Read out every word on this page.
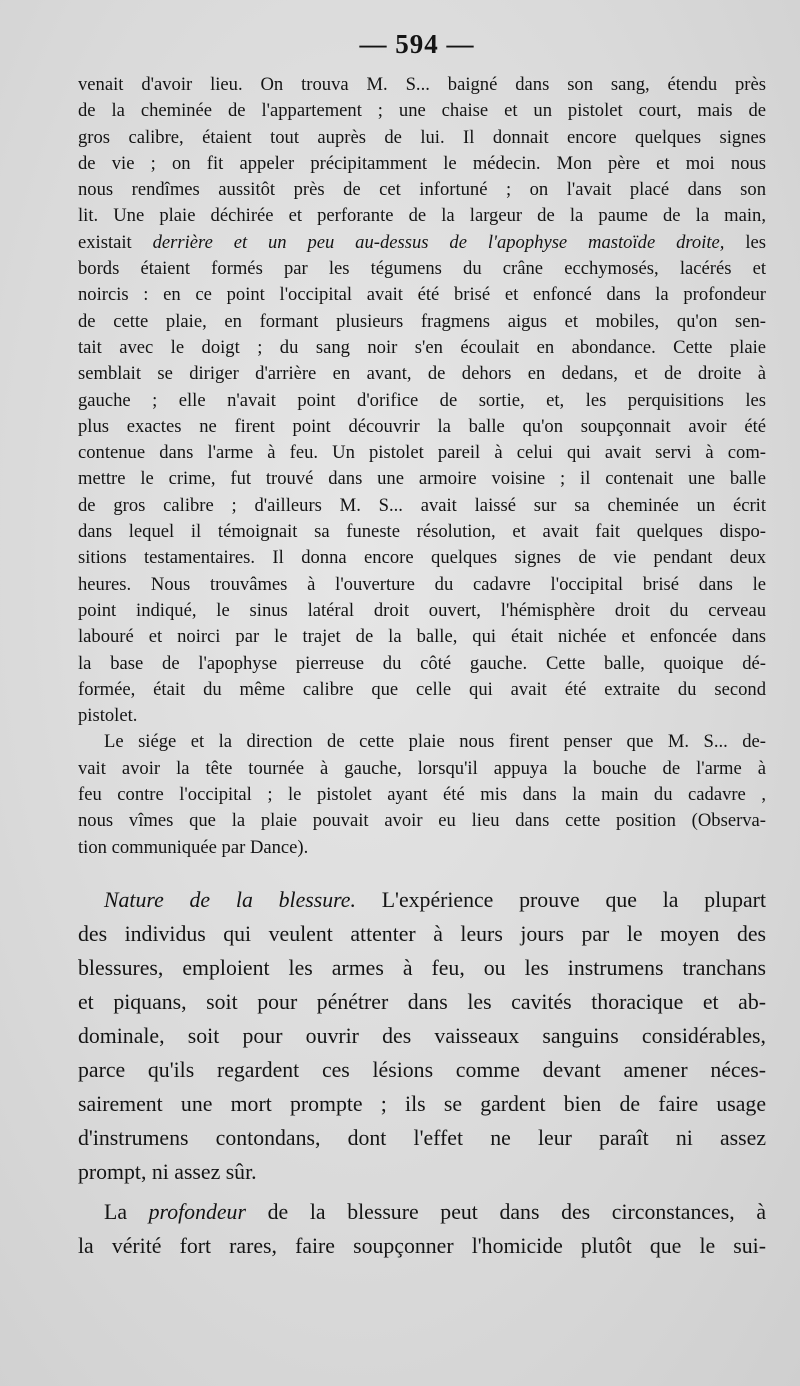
— 594 —

venait d'avoir lieu. On trouva M. S... baigné dans son sang, étendu près
de la cheminée de l'appartement ; une chaise et un pistolet court, mais de
gros calibre, étaient tout auprès de lui. Il donnait encore quelques signes
de vie ; on fit appeler précipitamment le médecin. Mon père et moi nous
nous rendîmes aussitôt près de cet infortuné ; on l'avait placé dans son
lit. Une plaie déchirée et perforante de la largeur de la paume de la main,
existait derrière et un peu au-dessus de l'apophyse mastoïde droite, les
bords étaient formés par les tégumens du crâne ecchymosés, lacérés et
noircis : en ce point l'occipital avait été brisé et enfoncé dans la profondeur
de cette plaie, en formant plusieurs fragmens aigus et mobiles, qu'on sen-
tait avec le doigt ; du sang noir s'en écoulait en abondance. Cette plaie
semblait se diriger d'arrière en avant, de dehors en dedans, et de droite à
gauche ; elle n'avait point d'orifice de sortie, et, les perquisitions les
plus exactes ne firent point découvrir la balle qu'on soupçonnait avoir été
contenue dans l'arme à feu. Un pistolet pareil à celui qui avait servi à com-
mettre le crime, fut trouvé dans une armoire voisine ; il contenait une balle
de gros calibre ; d'ailleurs M. S... avait laissé sur sa cheminée un écrit
dans lequel il témoignait sa funeste résolution, et avait fait quelques dispo-
sitions testamentaires. Il donna encore quelques signes de vie pendant deux
heures. Nous trouvâmes à l'ouverture du cadavre l'occipital brisé dans le
point indiqué, le sinus latéral droit ouvert, l'hémisphère droit du cerveau
labouré et noirci par le trajet de la balle, qui était nichée et enfoncée dans
la base de l'apophyse pierreuse du côté gauche. Cette balle, quoique dé-
formée, était du même calibre que celle qui avait été extraite du second
pistolet.

Le siége et la direction de cette plaie nous firent penser que M. S... de-
vait avoir la tête tournée à gauche, lorsqu'il appuya la bouche de l'arme à
feu contre l'occipital ; le pistolet ayant été mis dans la main du cadavre ,
nous vîmes que la plaie pouvait avoir eu lieu dans cette position (Observa-
tion communiquée par Dance).

Nature de la blessure. L'expérience prouve que la plupart
des individus qui veulent attenter à leurs jours par le moyen des
blessures, emploient les armes à feu, ou les instrumens tranchans
et piquans, soit pour pénétrer dans les cavités thoracique et ab-
dominale, soit pour ouvrir des vaisseaux sanguins considérables,
parce qu'ils regardent ces lésions comme devant amener néces-
sairement une mort prompte ; ils se gardent bien de faire usage
d'instrumens contondans, dont l'effet ne leur paraît ni assez
prompt, ni assez sûr.

La profondeur de la blessure peut dans des circonstances, à
la vérité fort rares, faire soupçonner l'homicide plutôt que le sui-
